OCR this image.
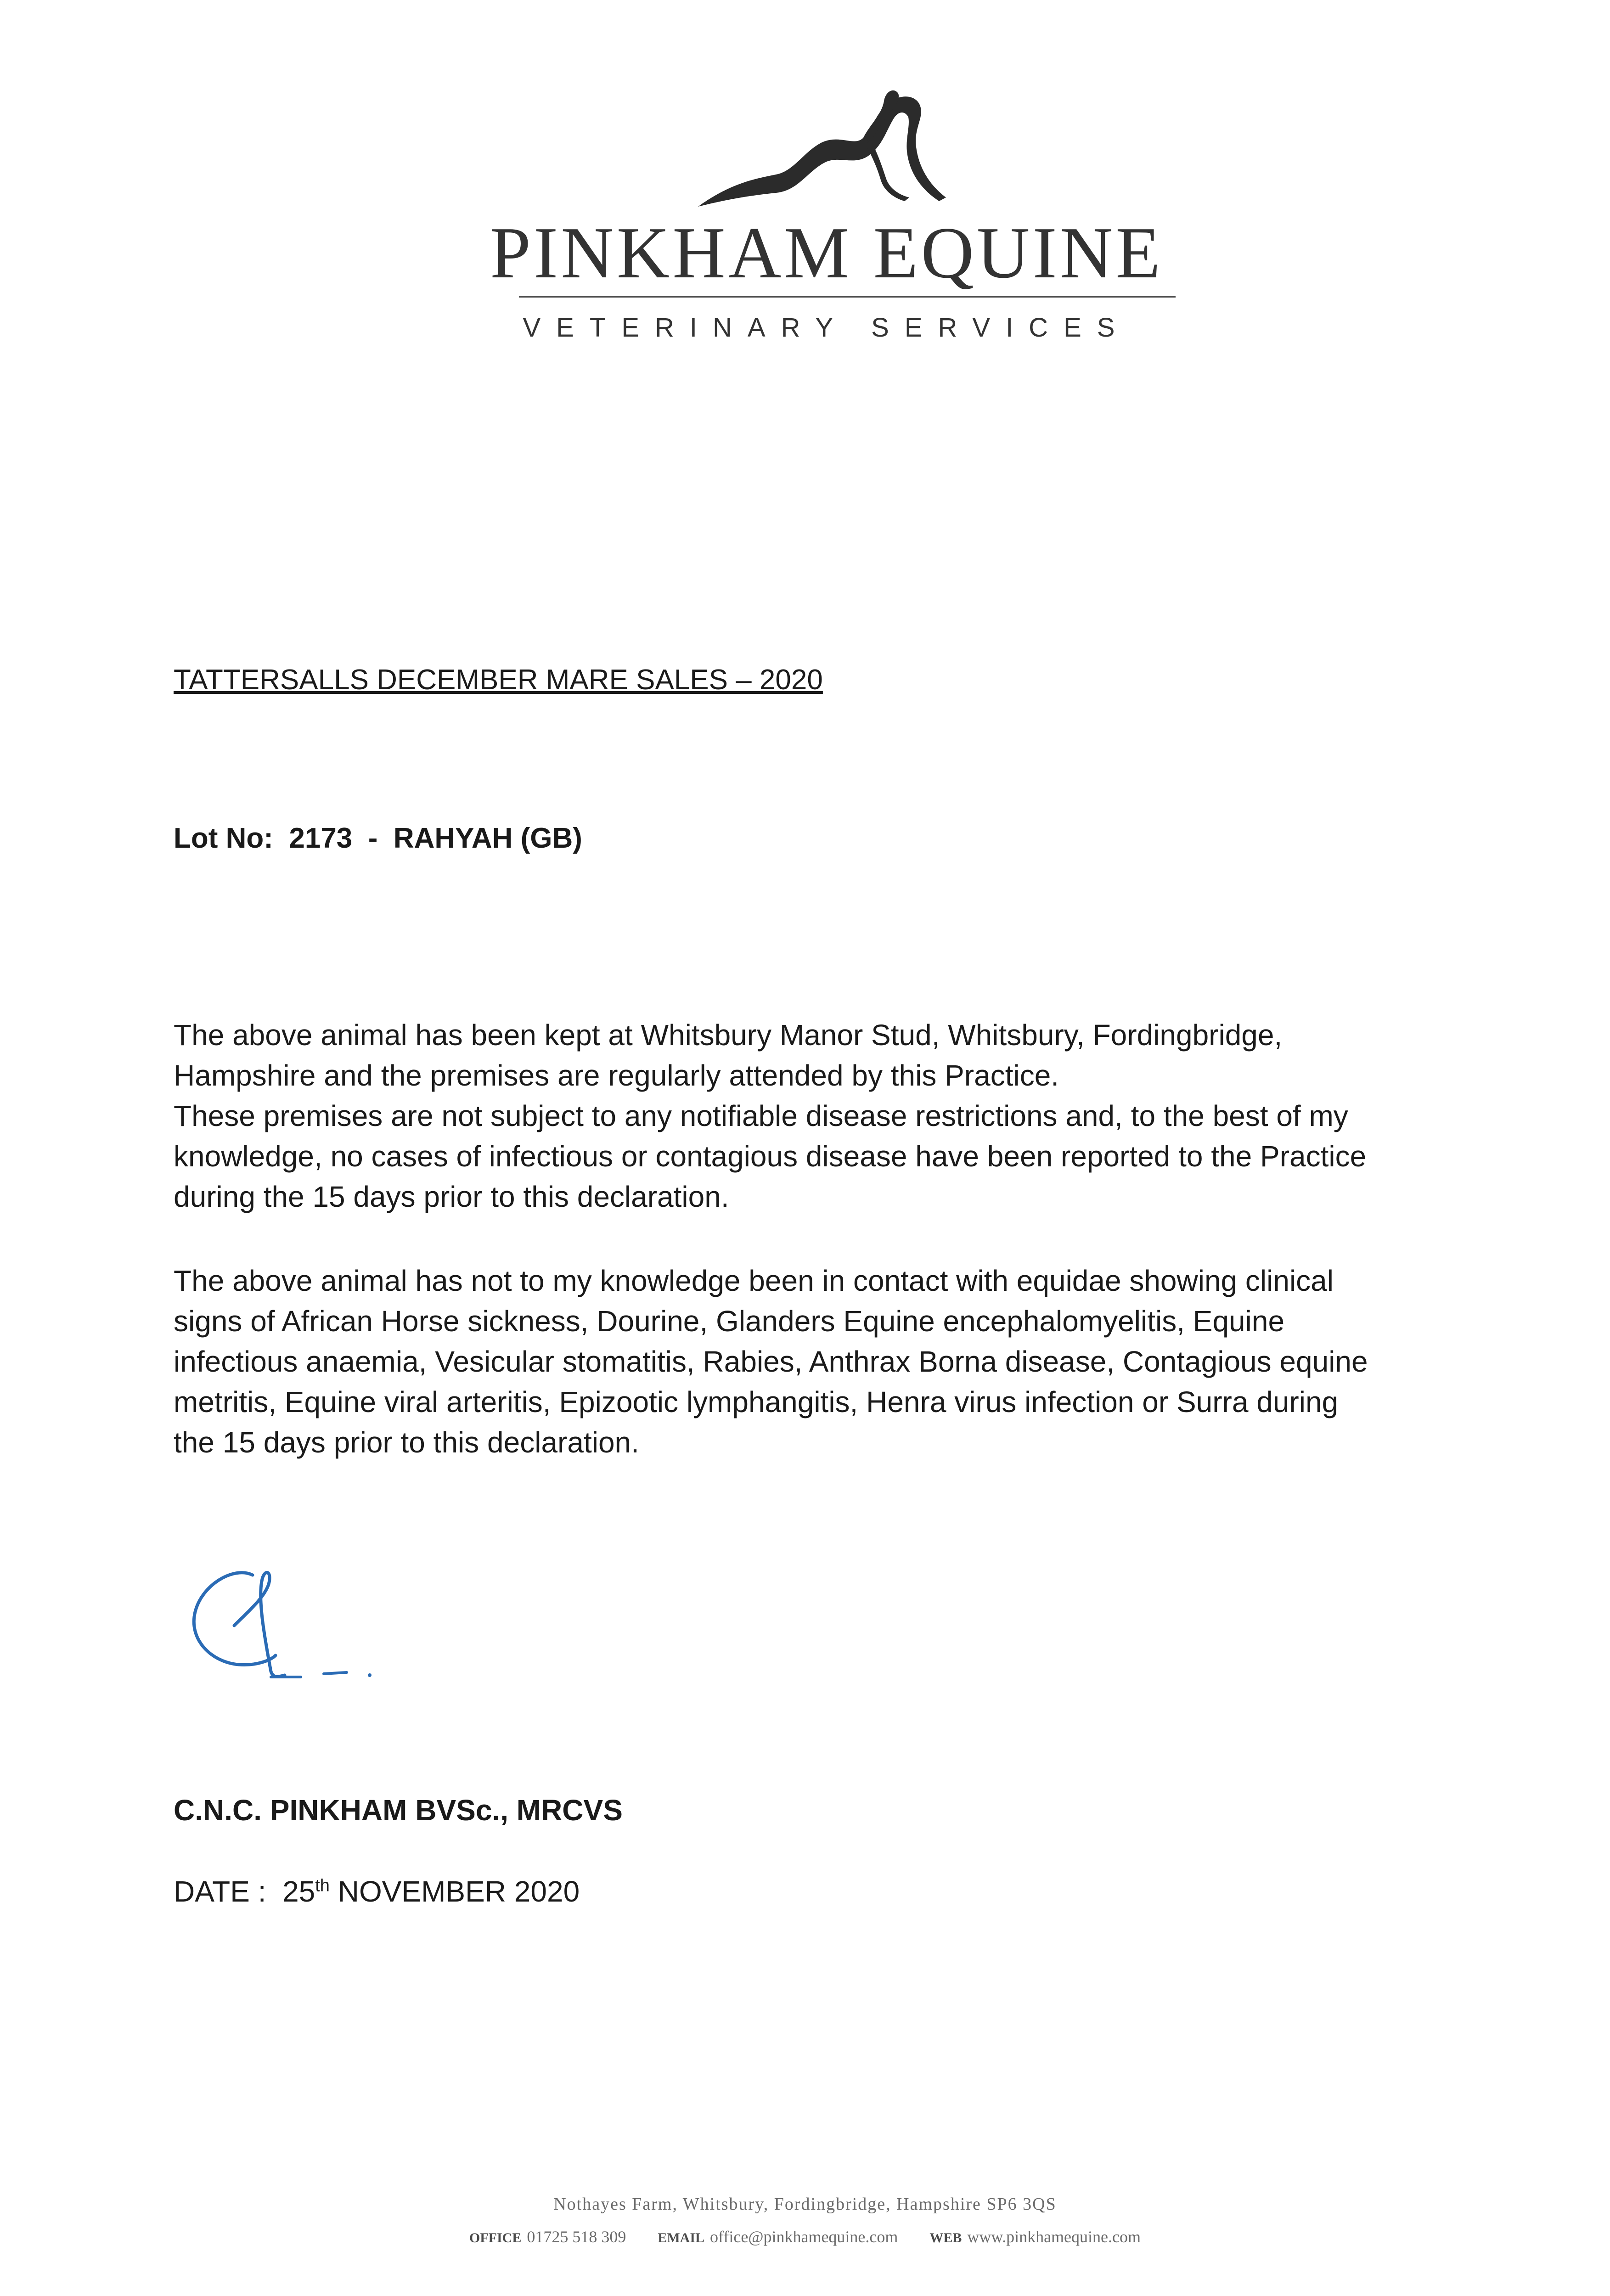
PINKHAM EQUINE
VETERINARY SERVICES
TATTERSALLS DECEMBER MARE SALES – 2020
Lot No:  2173  -  RAHYAH (GB)
The above animal has been kept at Whitsbury Manor Stud, Whitsbury, Fordingbridge,
Hampshire and the premises are regularly attended by this Practice.
These premises are not subject to any notifiable disease restrictions and, to the best of my
knowledge, no cases of infectious or contagious disease have been reported to the Practice
during the 15 days prior to this declaration.
The above animal has not to my knowledge been in contact with equidae showing clinical
signs of African Horse sickness, Dourine, Glanders Equine encephalomyelitis, Equine
infectious anaemia, Vesicular stomatitis, Rabies, Anthrax Borna disease, Contagious equine
metritis, Equine viral arteritis, Epizootic lymphangitis, Henra virus infection or Surra during
the 15 days prior to this declaration.
C.N.C. PINKHAM BVSc., MRCVS
DATE : 25th NOVEMBER 2020
Nothayes Farm, Whitsbury, Fordingbridge, Hampshire SP6 3QS
OFFICE 01725 518 309 EMAIL office@pinkhamequine.com WEB www.pinkhamequine.com
